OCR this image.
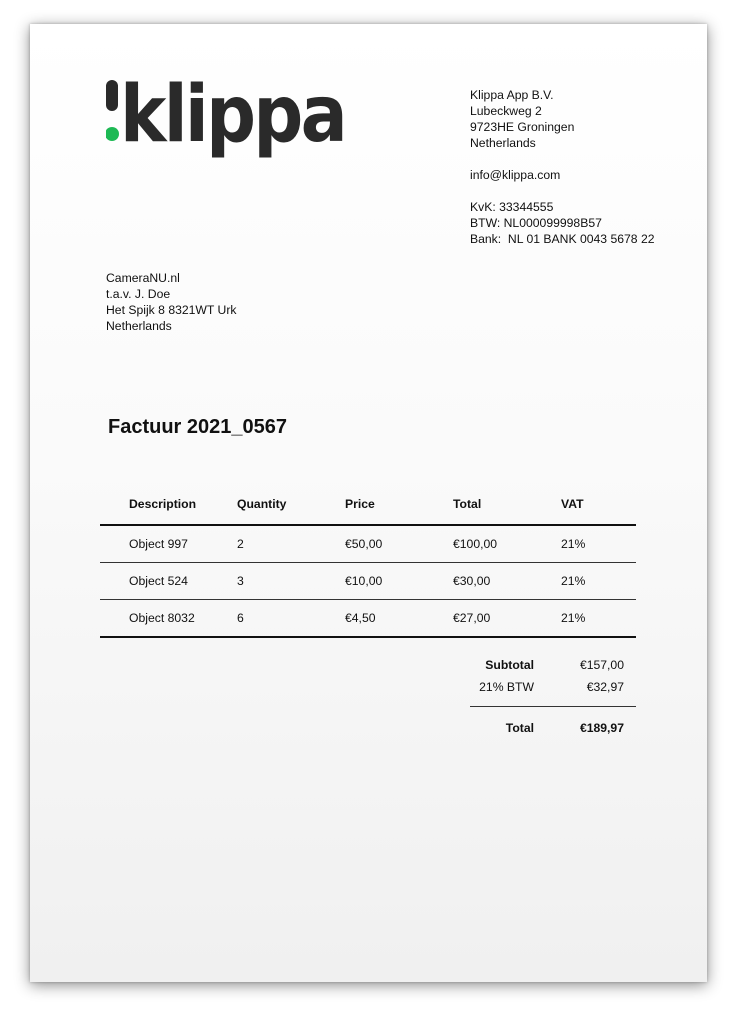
klippa	Klippa App B.V.
Lubeckweg 2
9723HE Groningen
Netherlands
info@klippa.com
KvK: 33344555
BTW: NL000099998B57
Bank:  NL 01 BANK 0043 5678 22
CameraNU.nl
t.a.v. J. Doe
Het Spijk 8 8321WT Urk
Netherlands
Factuur 2021_0567
Description	Quantity	Price	Total	VAT
Object 997	2	€50,00	€100,00	21%
Object 524	3	€10,00	€30,00	21%
Object 8032	6	€4,50	€27,00	21%
Subtotal	€157,00
21% BTW	€32,97
Total	€189,97
